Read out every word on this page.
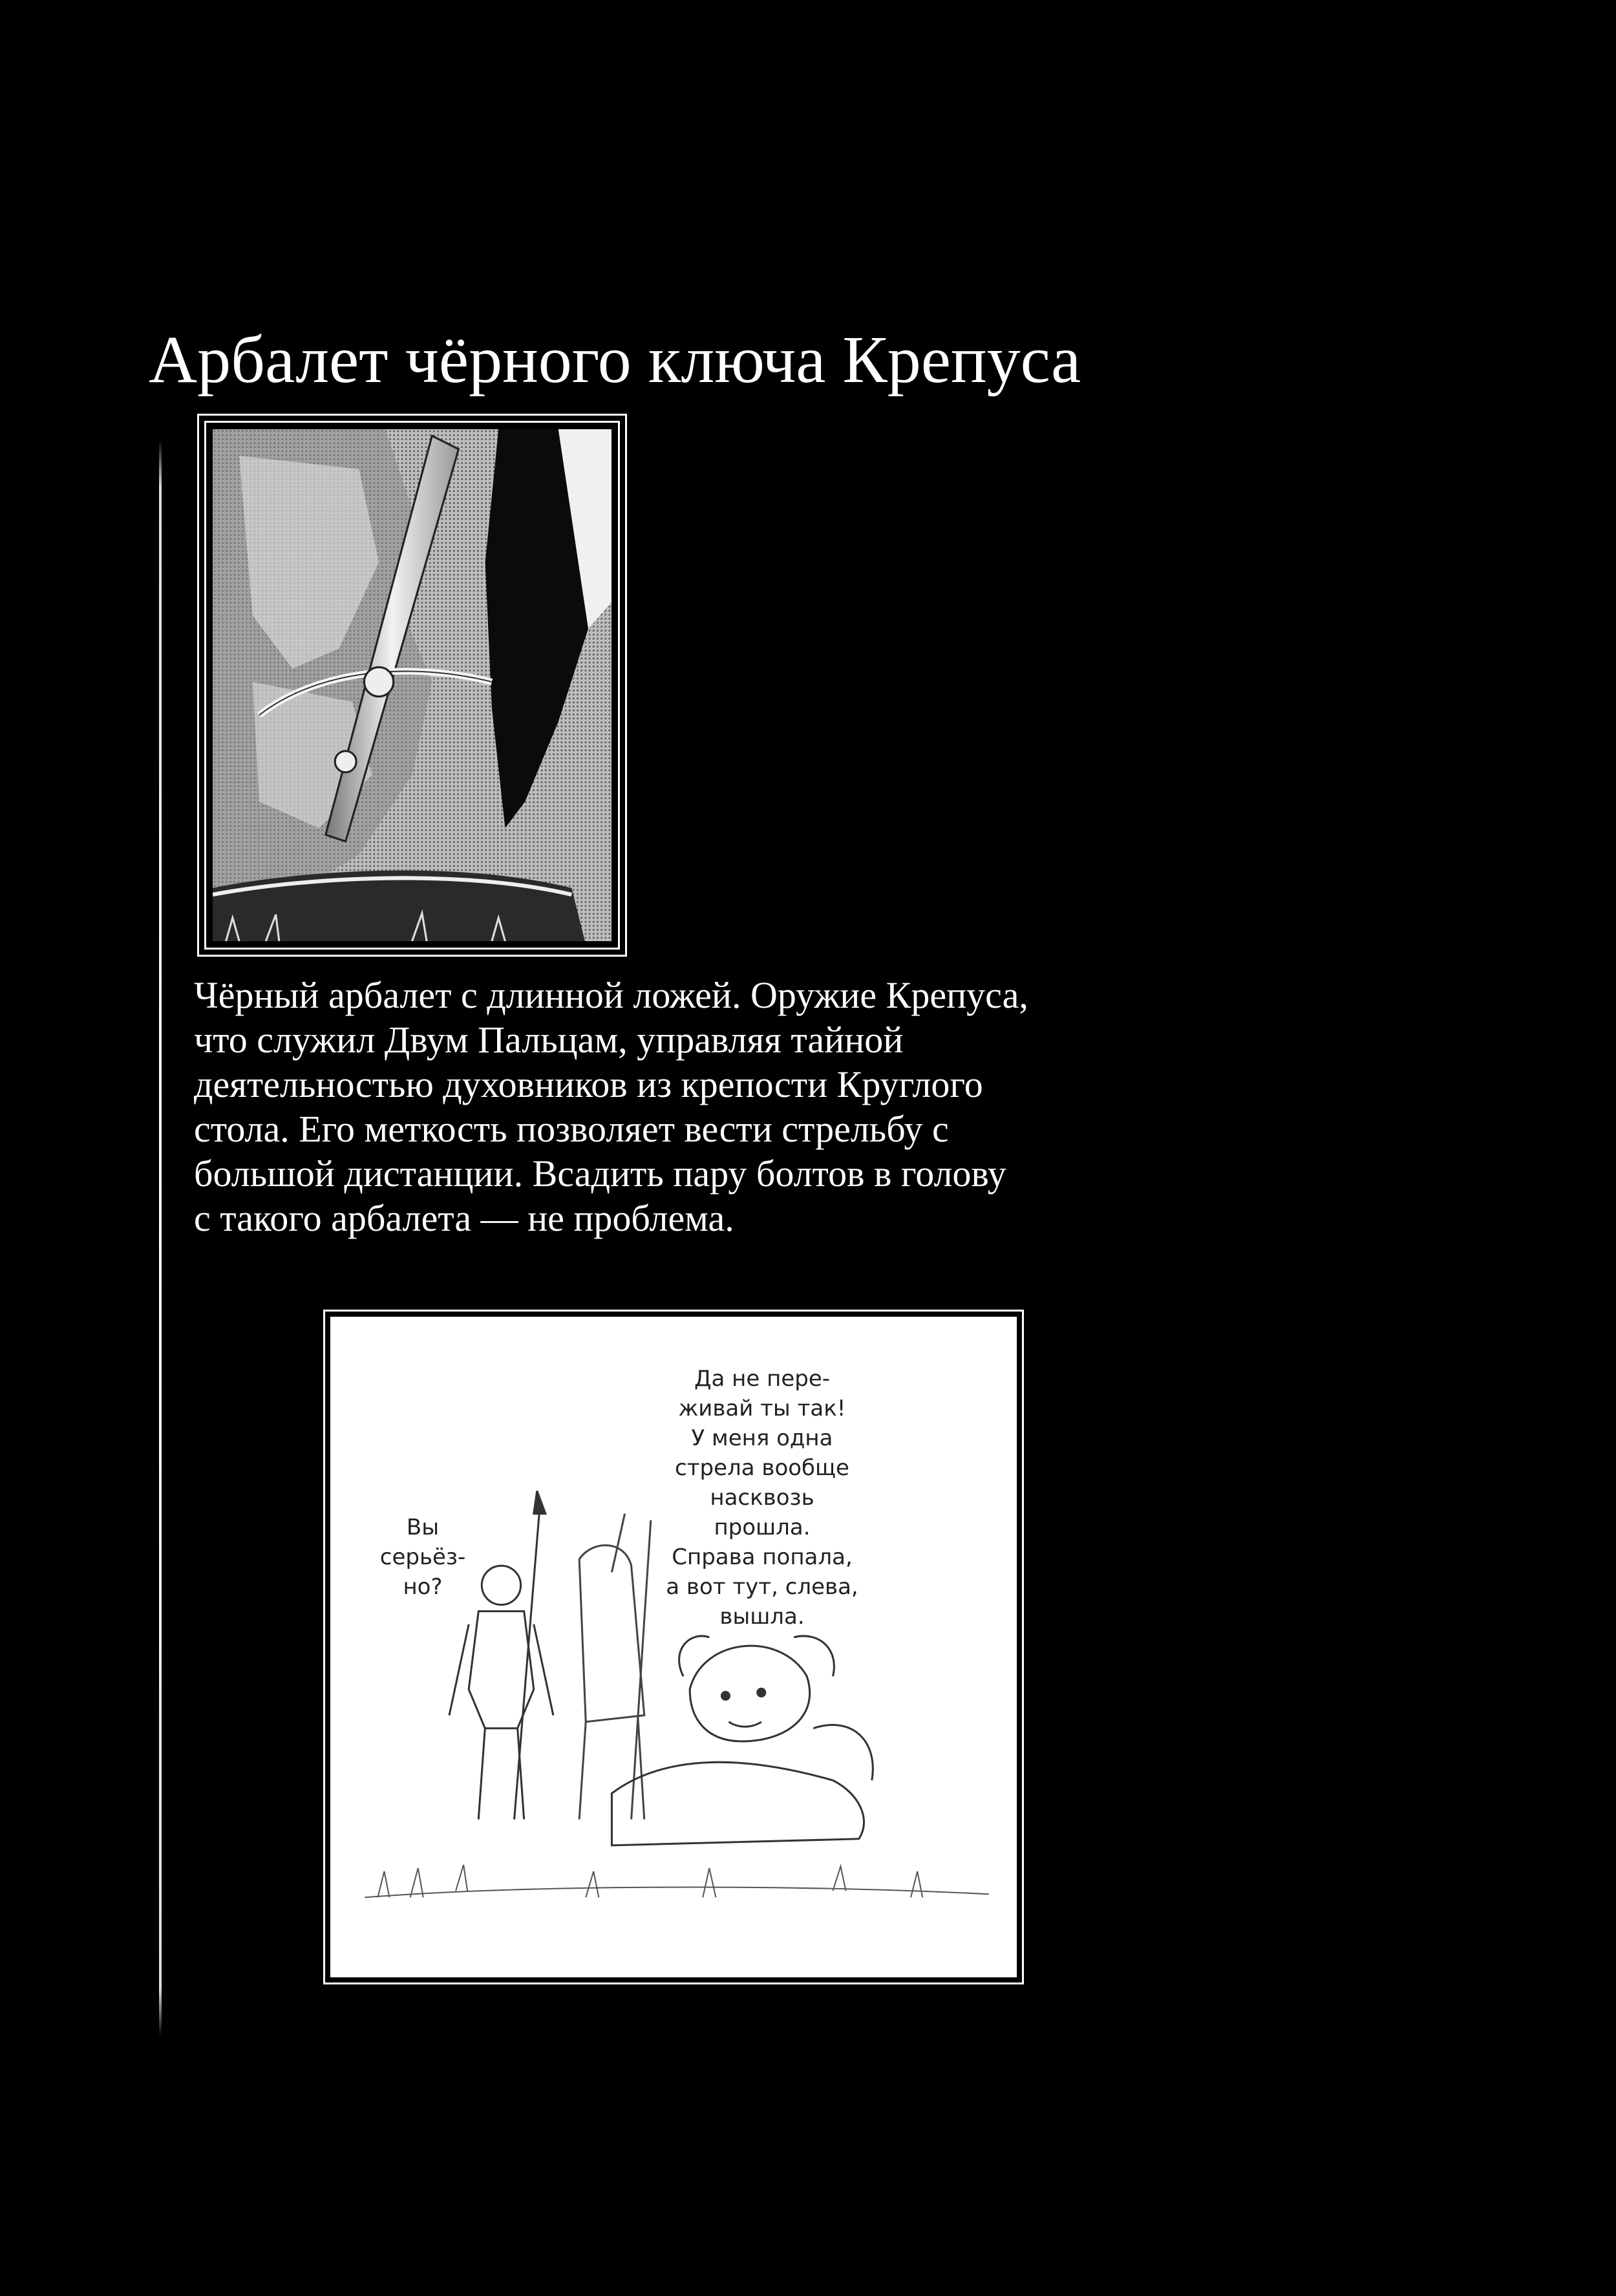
Арбалет чёрного ключа Крепуса

Чёрный арбалет с длинной ложей. Оружие Крепуса,

что служил Двум Пальцам, управляя тайной

деятельностью духовников из крепости Круглого

стола. Его меткость позволяет вести стрельбу с

большой дистанции. Всадить пару болтов в голову

с такого арбалета — не проблема.

Вы
серьёз-
но?
Да не пере-
живай ты так!
У меня одна
стрела вообще
насквозь прошла.
Справа попала,
а вот тут, слева,
вышла.
